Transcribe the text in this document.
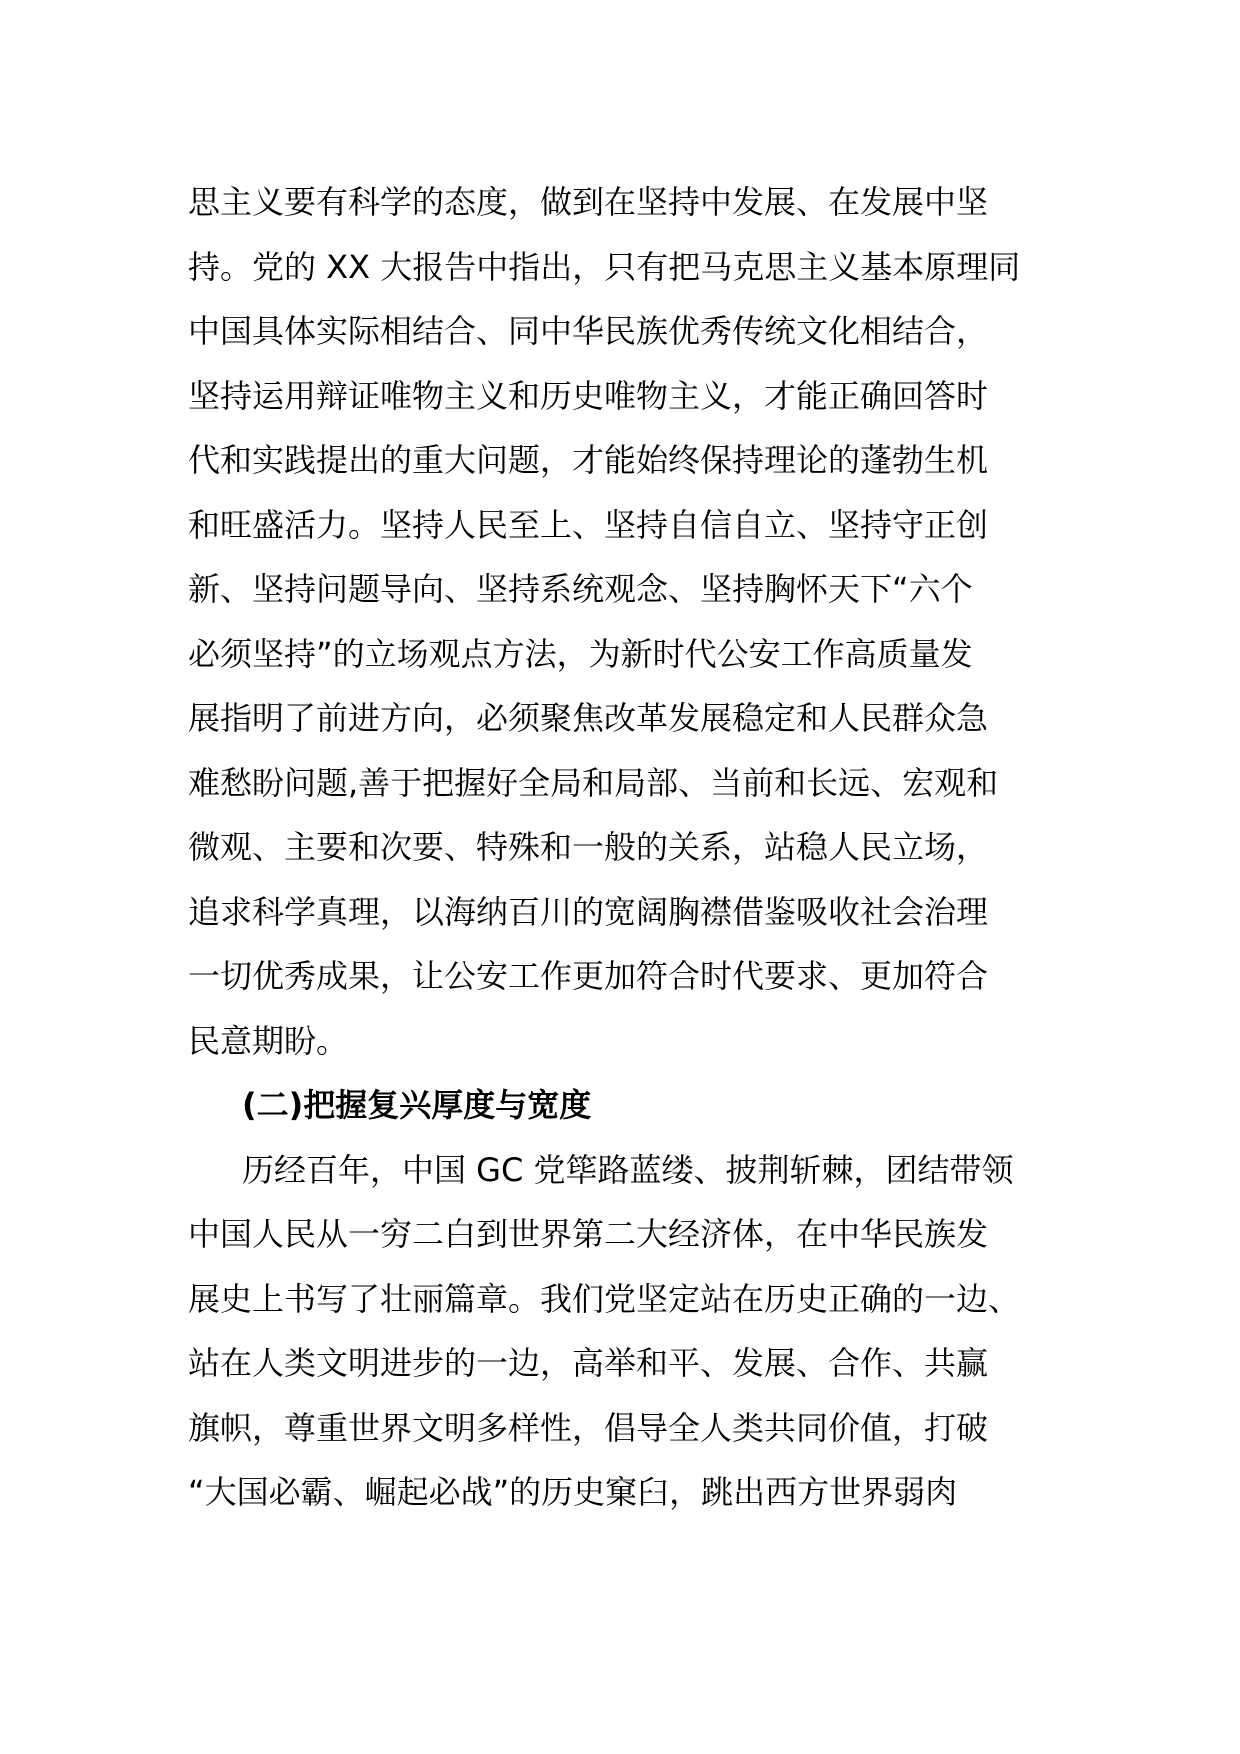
思主义要有科学的态度，做到在坚持中发展、在发展中坚
持。党的 XX 大报告中指出，只有把马克思主义基本原理同
中国具体实际相结合、同中华民族优秀传统文化相结合，
坚持运用辩证唯物主义和历史唯物主义，才能正确回答时
代和实践提出的重大问题，才能始终保持理论的蓬勃生机
和旺盛活力。坚持人民至上、坚持自信自立、坚持守正创
新、坚持问题导向、坚持系统观念、坚持胸怀天下“六个
必须坚持”的立场观点方法，为新时代公安工作高质量发
展指明了前进方向，必须聚焦改革发展稳定和人民群众急
难愁盼问题,善于把握好全局和局部、当前和长远、宏观和
微观、主要和次要、特殊和一般的关系，站稳人民立场，
追求科学真理，以海纳百川的宽阔胸襟借鉴吸收社会治理
一切优秀成果，让公安工作更加符合时代要求、更加符合
民意期盼。
(二)把握复兴厚度与宽度
历经百年，中国 GC 党筚路蓝缕、披荆斩棘，团结带领
中国人民从一穷二白到世界第二大经济体，在中华民族发
展史上书写了壮丽篇章。我们党坚定站在历史正确的一边、
站在人类文明进步的一边，高举和平、发展、合作、共赢
旗帜，尊重世界文明多样性，倡导全人类共同价值，打破
“大国必霸、崛起必战”的历史窠臼，跳出西方世界弱肉
